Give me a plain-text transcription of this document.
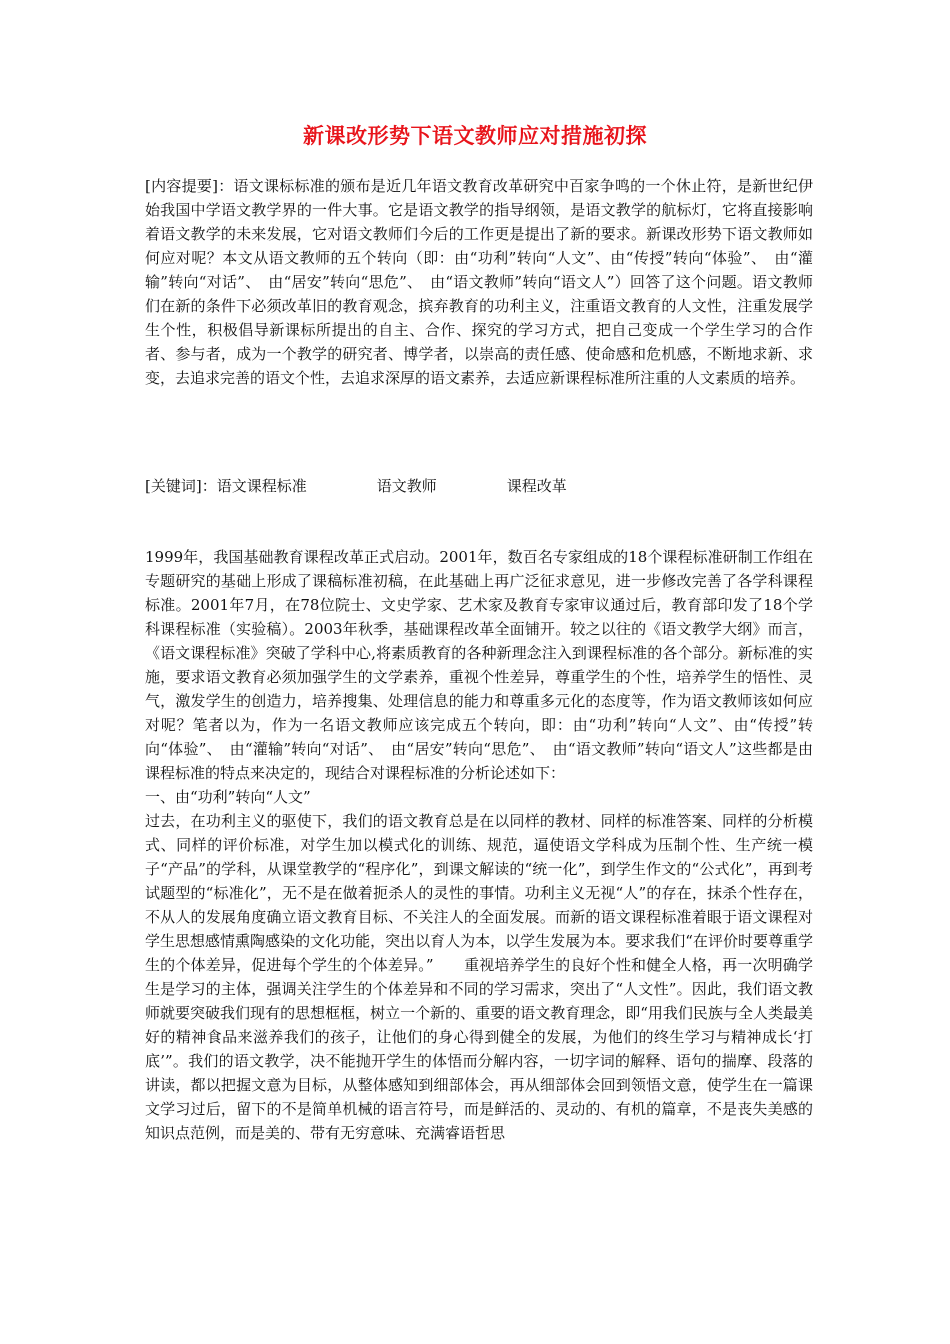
新课改形势下语文教师应对措施初探

[内容提要]：语文课标标准的颁布是近几年语文教育改革研究中百家争鸣的一个休止符，是新世纪伊始我国中学语文教学界的一件大事。它是语文教学的指导纲领，是语文教学的航标灯，它将直接影响着语文教学的未来发展，它对语文教师们今后的工作更是提出了新的要求。新课改形势下语文教师如何应对呢？本文从语文教师的五个转向（即：由“功利”转向“人文”、由“传授”转向“体验”、　由“灌输”转向“对话”、　由“居安”转向“思危”、　由“语文教师”转向“语文人”）回答了这个问题。语文教师们在新的条件下必须改革旧的教育观念，摈弃教育的功利主义，注重语文教育的人文性，注重发展学生个性，积极倡导新课标所提出的自主、合作、探究的学习方式，把自己变成一个学生学习的合作者、参与者，成为一个教学的研究者、博学者，以崇高的责任感、使命感和危机感，不断地求新、求变，去追求完善的语文个性，去追求深厚的语文素养，去适应新课程标准所注重的人文素质的培养。

[关键词]：语文课程标准	语文教师	课程改革
1999年，我国基础教育课程改革正式启动。2001年，数百名专家组成的18个课程标准研制工作组在专题研究的基础上形成了课稿标准初稿，在此基础上再广泛征求意见，进一步修改完善了各学科课程标准。2001年7月，在78位院士、文史学家、艺术家及教育专家审议通过后，教育部印发了18个学科课程标准（实验稿）。2003年秋季，基础课程改革全面铺开。较之以往的《语文教学大纲》而言，《语文课程标准》突破了学科中心,将素质教育的各种新理念注入到课程标准的各个部分。新标准的实施，要求语文教育必须加强学生的文学素养，重视个性差异，尊重学生的个性，培养学生的悟性、灵气，激发学生的创造力，培养搜集、处理信息的能力和尊重多元化的态度等，作为语文教师该如何应对呢？笔者以为，作为一名语文教师应该完成五个转向，即：由“功利”转向“人文”、由“传授”转向“体验”、　由“灌输”转向“对话”、　由“居安”转向“思危”、　由“语文教师”转向“语文人”这些都是由课程标准的特点来决定的，现结合对课程标准的分析论述如下：
一、由“功利”转向“人文”
过去，在功利主义的驱使下，我们的语文教育总是在以同样的教材、同样的标准答案、同样的分析模式、同样的评价标准，对学生加以模式化的训练、规范，逼使语文学科成为压制个性、生产统一模子“产品”的学科，从课堂教学的“程序化”，到课文解读的“统一化”，到学生作文的“公式化”，再到考试题型的“标准化”，无不是在做着扼杀人的灵性的事情。功利主义无视“人”的存在，抹杀个性存在，不从人的发展角度确立语文教育目标、不关注人的全面发展。而新的语文课程标准着眼于语文课程对学生思想感情熏陶感染的文化功能，突出以育人为本，以学生发展为本。要求我们“在评价时要尊重学生的个体差异，促进每个学生的个体差异。”　　重视培养学生的良好个性和健全人格，再一次明确学生是学习的主体，强调关注学生的个体差异和不同的学习需求，突出了“人文性”。因此，我们语文教师就要突破我们现有的思想框框，树立一个新的、重要的语文教育理念，即“用我们民族与全人类最美好的精神食品来滋养我们的孩子，让他们的身心得到健全的发展，为他们的终生学习与精神成长‘打底’”。我们的语文教学，决不能抛开学生的体悟而分解内容，一切字词的解释、语句的揣摩、段落的讲读，都以把握文意为目标，从整体感知到细部体会，再从细部体会回到领悟文意，使学生在一篇课文学习过后，留下的不是简单机械的语言符号，而是鲜活的、灵动的、有机的篇章，不是丧失美感的知识点范例，而是美的、带有无穷意味、充满睿语哲思
